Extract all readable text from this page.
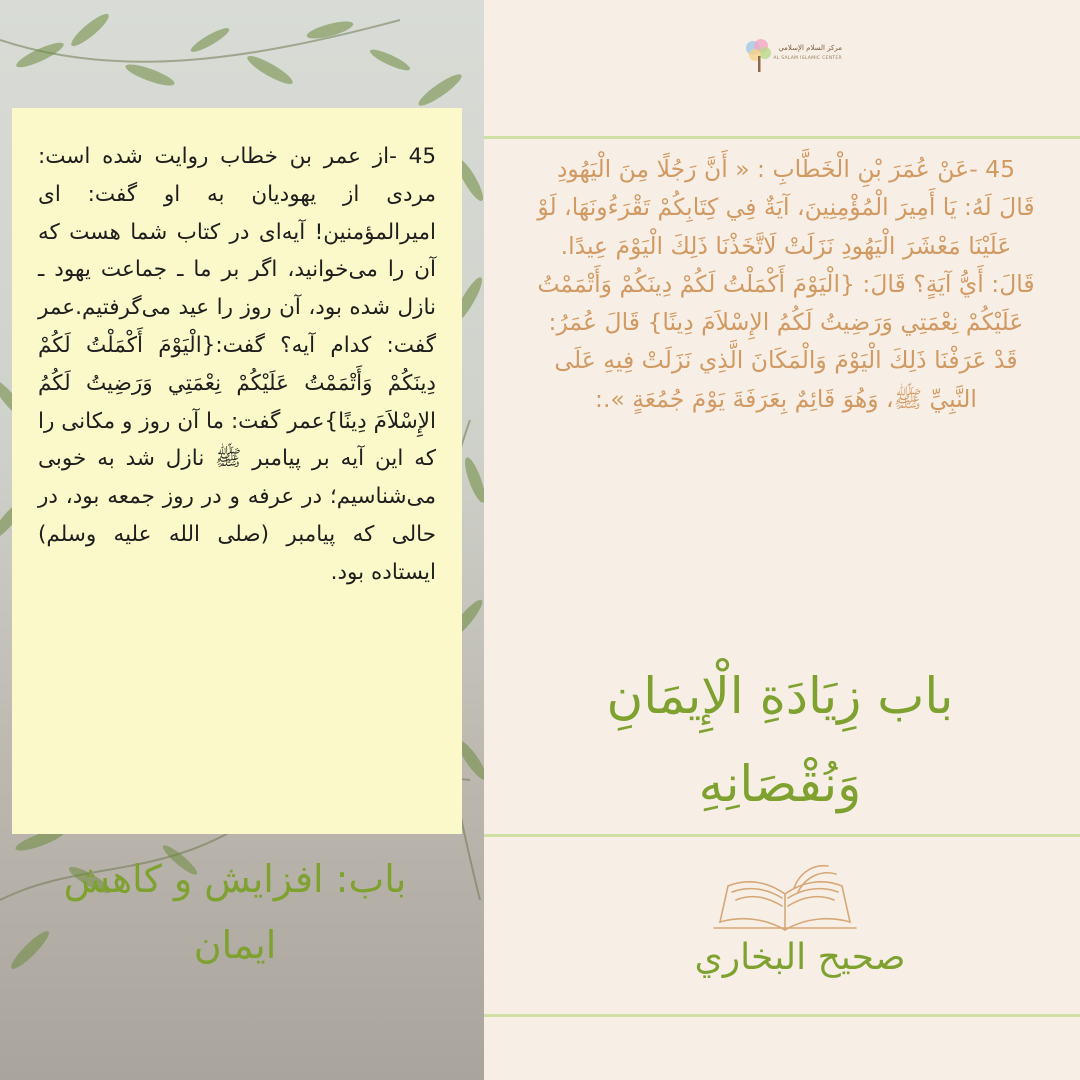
45 -از عمر بن خطاب روایت شده است: مردی از یهودیان به او گفت: ای امیرالمؤمنین! آیه‌ای در کتاب شما هست که آن را می‌خوانید، اگر بر ما ـ جماعت یهود ـ نازل شده بود، آن روز را عید می‌گرفتیم.عمر گفت: کدام آیه؟ گفت:{الْيَوْمَ أَكْمَلْتُ لَكُمْ دِينَكُمْ وَأَتْمَمْتُ عَلَيْكُمْ نِعْمَتِي وَرَضِيتُ لَكُمُ الإِسْلاَمَ دِينًا}عمر گفت: ما آن روز و مکانی را که این آیه بر پیامبر ﷺ نازل شد به خوبی می‌شناسیم؛ در عرفه و در روز جمعه بود، در حالی که پیامبر (صلی الله علیه وسلم) ایستاده بود.

باب: افزایش و کاهش ایمان
مركز السلام الإسلامي
AL SALAM ISLAMIC CENTER

45 -عَنْ عُمَرَ بْنِ الْخَطَّابِ : « أَنَّ رَجُلًا مِنَ الْيَهُودِ قَالَ لَهُ: يَا أَمِيرَ الْمُؤْمِنِينَ، آيَةٌ فِي كِتَابِكُمْ تَقْرَءُونَهَا، لَوْ عَلَيْنَا مَعْشَرَ الْيَهُودِ نَزَلَتْ لَاتَّخَذْنَا ذَلِكَ الْيَوْمَ عِيدًا. قَالَ: أَيُّ آيَةٍ؟ قَالَ: {الْيَوْمَ أَكْمَلْتُ لَكُمْ دِينَكُمْ وَأَتْمَمْتُ عَلَيْكُمْ نِعْمَتِي وَرَضِيتُ لَكُمُ الإِسْلاَمَ دِينًا} قَالَ عُمَرُ: قَدْ عَرَفْنَا ذَلِكَ الْيَوْمَ وَالْمَكَانَ الَّذِي نَزَلَتْ فِيهِ عَلَى النَّبِيِّ ﷺ، وَهُوَ قَائِمٌ بِعَرَفَةَ يَوْمَ جُمُعَةٍ ».:

باب زِيَادَةِ الْإِيمَانِ وَنُقْصَانِهِ
صحيح البخاري
